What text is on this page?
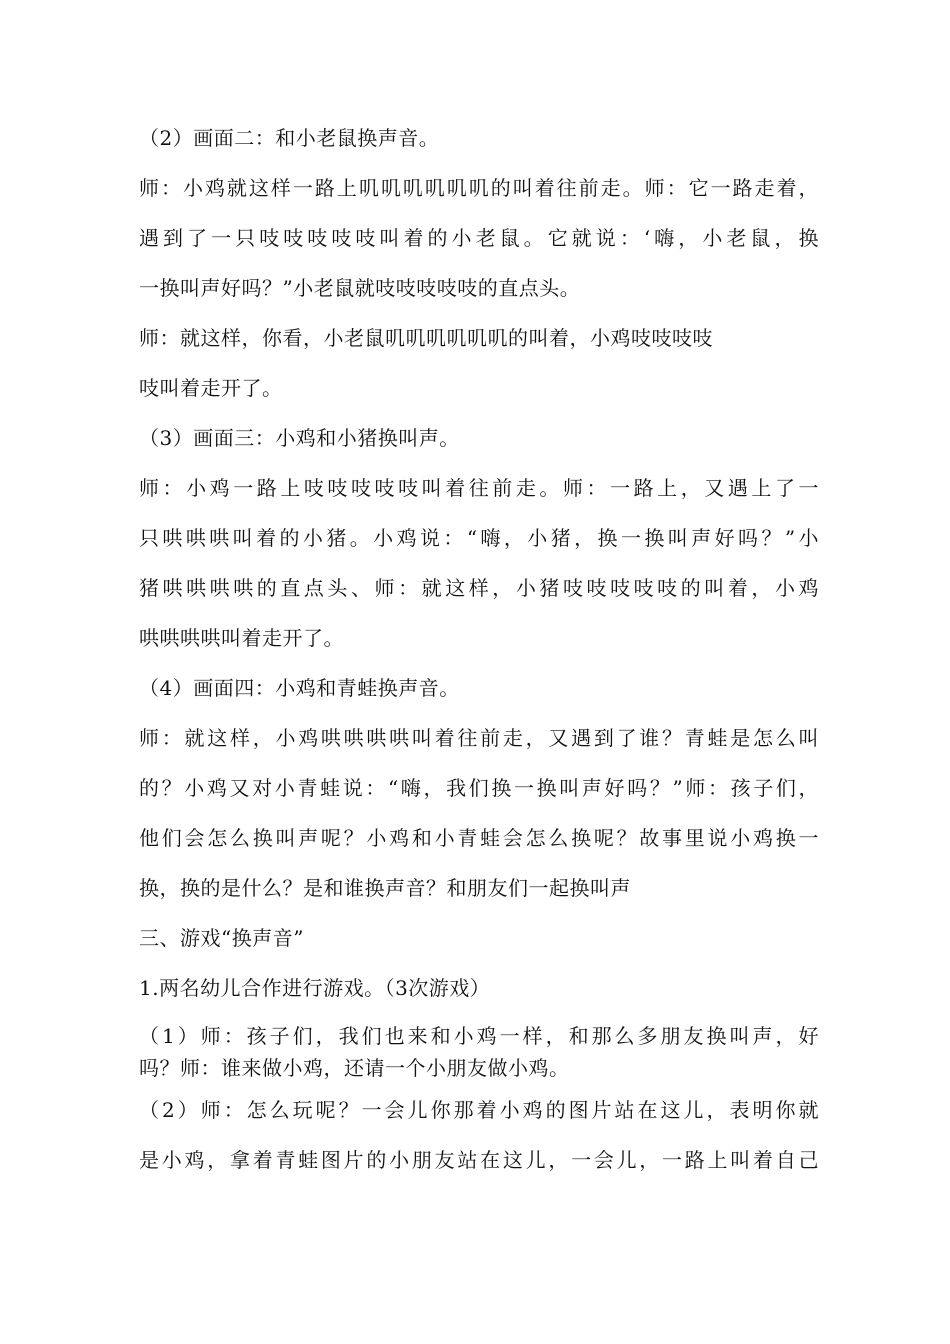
（2）画面二：和小老鼠换声音。
师：小鸡就这样一路上叽叽叽叽叽叽的叫着往前走。师：它一路走着，
遇到了一只吱吱吱吱吱叫着的小老鼠。它就说：‘嗨，小老鼠，换
一换叫声好吗？”小老鼠就吱吱吱吱吱的直点头。
师：就这样，你看，小老鼠叽叽叽叽叽叽的叫着，小鸡吱吱吱吱
吱叫着走开了。
（3）画面三：小鸡和小猪换叫声。
师：小鸡一路上吱吱吱吱吱叫着往前走。师：一路上，又遇上了一
只哄哄哄叫着的小猪。小鸡说：“嗨，小猪，换一换叫声好吗？”小
猪哄哄哄哄的直点头、师：就这样，小猪吱吱吱吱吱的叫着，小鸡
哄哄哄哄叫着走开了。
（4）画面四：小鸡和青蛙换声音。
师：就这样，小鸡哄哄哄哄叫着往前走，又遇到了谁？青蛙是怎么叫
的？小鸡又对小青蛙说：“嗨，我们换一换叫声好吗？”师：孩子们，
他们会怎么换叫声呢？小鸡和小青蛙会怎么换呢？故事里说小鸡换一
换，换的是什么？是和谁换声音？和朋友们一起换叫声
三、游戏“换声音”
1.两名幼儿合作进行游戏。（3次游戏）
（1）师：孩子们，我们也来和小鸡一样，和那么多朋友换叫声，好
吗？师：谁来做小鸡，还请一个小朋友做小鸡。
（2）师：怎么玩呢？一会儿你那着小鸡的图片站在这儿，表明你就
是小鸡，拿着青蛙图片的小朋友站在这儿，一会儿，一路上叫着自己
